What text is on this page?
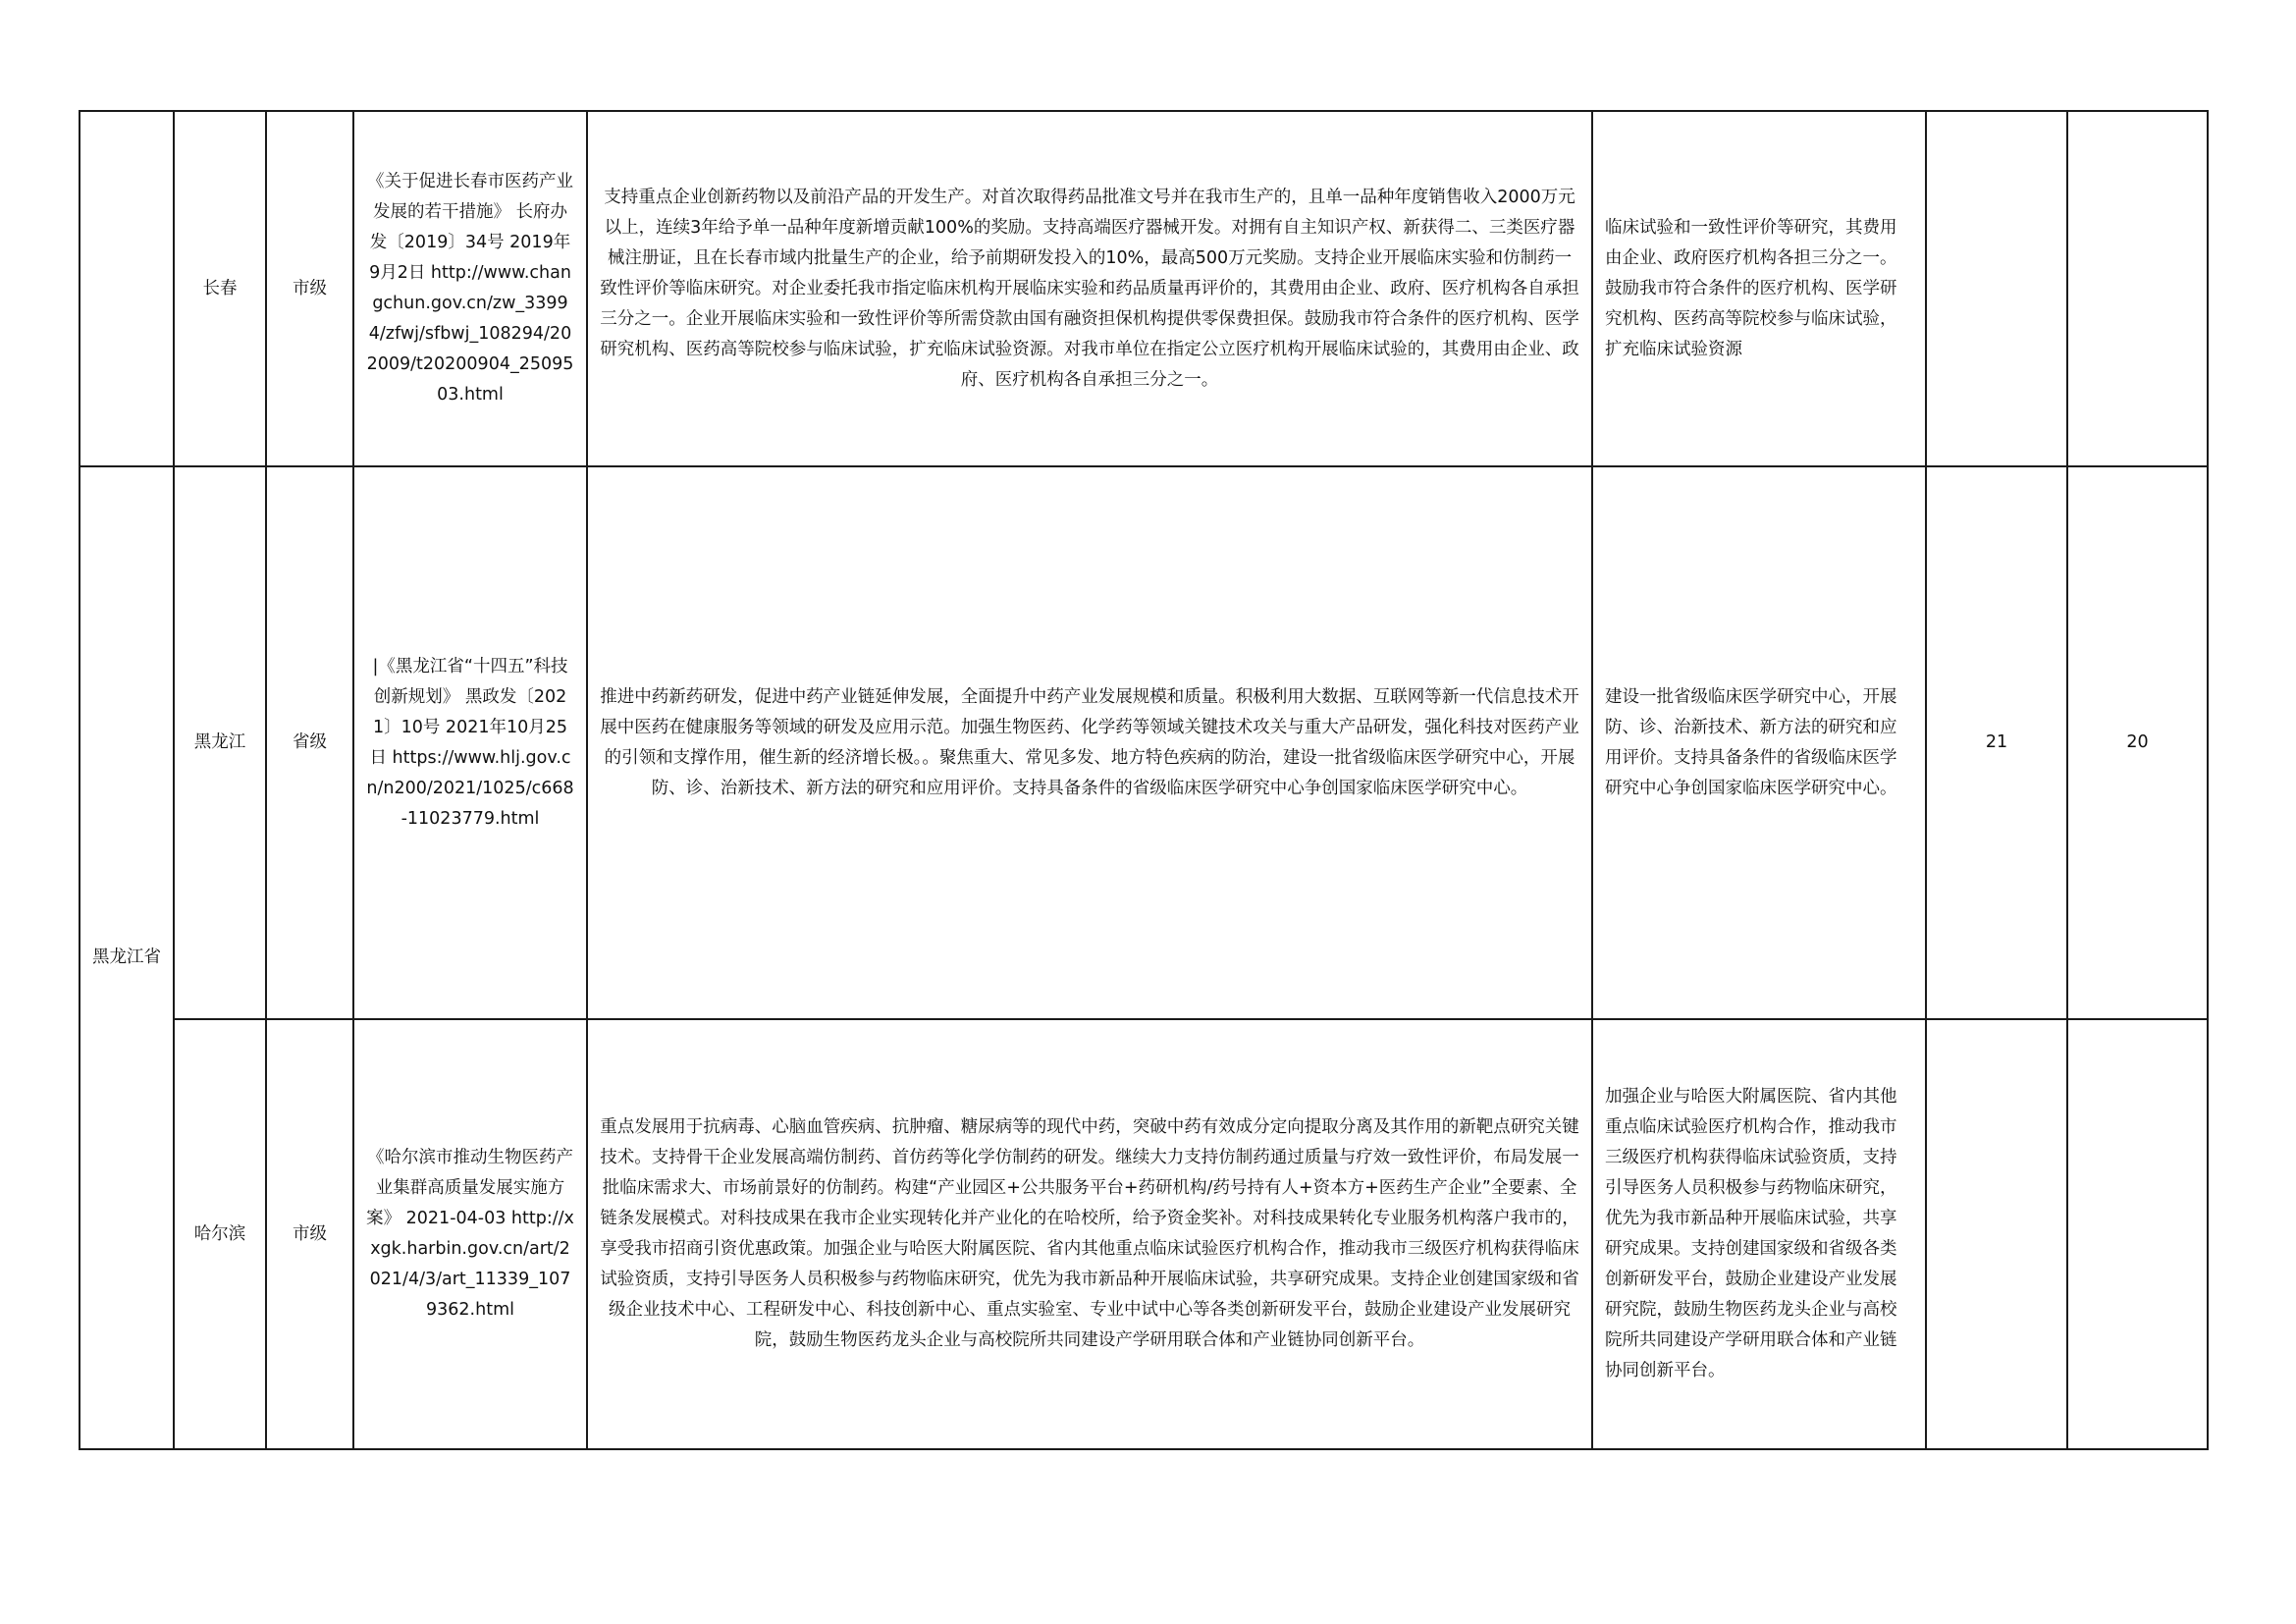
	长春	市级	《关于促进长春市医药产业发展的若干措施》 长府办发〔2019〕34号 2019年9月2日 http://www.changchun.gov.cn/zw_33994/zfwj/sfbwj_108294/202009/t20200904_2509503.html	支持重点企业创新药物以及前沿产品的开发生产。对首次取得药品批准文号并在我市生产的，且单一品种年度销售收入2000万元以上，连续3年给予单一品种年度新增贡献100%的奖励。支持高端医疗器械开发。对拥有自主知识产权、新获得二、三类医疗器械注册证，且在长春市域内批量生产的企业，给予前期研发投入的10%，最高500万元奖励。支持企业开展临床实验和仿制药一致性评价等临床研究。对企业委托我市指定临床机构开展临床实验和药品质量再评价的，其费用由企业、政府、医疗机构各自承担三分之一。企业开展临床实验和一致性评价等所需贷款由国有融资担保机构提供零保费担保。鼓励我市符合条件的医疗机构、医学研究机构、医药高等院校参与临床试验，扩充临床试验资源。对我市单位在指定公立医疗机构开展临床试验的，其费用由企业、政府、医疗机构各自承担三分之一。	临床试验和一致性评价等研究，其费用由企业、政府医疗机构各担三分之一。鼓励我市符合条件的医疗机构、医学研究机构、医药高等院校参与临床试验，扩充临床试验资源		
黑龙江省	黑龙江	省级	|《黑龙江省“十四五”科技创新规划》 黑政发〔2021〕10号 2021年10月25日 https://www.hlj.gov.cn/n200/2021/1025/c668-11023779.html	推进中药新药研发，促进中药产业链延伸发展，全面提升中药产业发展规模和质量。积极利用大数据、互联网等新一代信息技术开展中医药在健康服务等领域的研发及应用示范。加强生物医药、化学药等领域关键技术攻关与重大产品研发，强化科技对医药产业的引领和支撑作用，催生新的经济增长极。。聚焦重大、常见多发、地方特色疾病的防治，建设一批省级临床医学研究中心，开展防、诊、治新技术、新方法的研究和应用评价。支持具备条件的省级临床医学研究中心争创国家临床医学研究中心。	建设一批省级临床医学研究中心，开展防、诊、治新技术、新方法的研究和应用评价。支持具备条件的省级临床医学研究中心争创国家临床医学研究中心。	21	20
	哈尔滨	市级	《哈尔滨市推动生物医药产业集群高质量发展实施方案》 2021-04-03 http://xxgk.harbin.gov.cn/art/2021/4/3/art_11339_1079362.html	重点发展用于抗病毒、心脑血管疾病、抗肿瘤、糖尿病等的现代中药，突破中药有效成分定向提取分离及其作用的新靶点研究关键技术。支持骨干企业发展高端仿制药、首仿药等化学仿制药的研发。继续大力支持仿制药通过质量与疗效一致性评价，布局发展一批临床需求大、市场前景好的仿制药。构建“产业园区+公共服务平台+药研机构/药号持有人+资本方+医药生产企业”全要素、全链条发展模式。对科技成果在我市企业实现转化并产业化的在哈校所，给予资金奖补。对科技成果转化专业服务机构落户我市的，享受我市招商引资优惠政策。加强企业与哈医大附属医院、省内其他重点临床试验医疗机构合作，推动我市三级医疗机构获得临床试验资质，支持引导医务人员积极参与药物临床研究，优先为我市新品种开展临床试验，共享研究成果。支持企业创建国家级和省级企业技术中心、工程研发中心、科技创新中心、重点实验室、专业中试中心等各类创新研发平台，鼓励企业建设产业发展研究院，鼓励生物医药龙头企业与高校院所共同建设产学研用联合体和产业链协同创新平台。	加强企业与哈医大附属医院、省内其他重点临床试验医疗机构合作，推动我市三级医疗机构获得临床试验资质，支持引导医务人员积极参与药物临床研究，优先为我市新品种开展临床试验，共享研究成果。支持创建国家级和省级各类创新研发平台，鼓励企业建设产业发展研究院，鼓励生物医药龙头企业与高校院所共同建设产学研用联合体和产业链协同创新平台。		
